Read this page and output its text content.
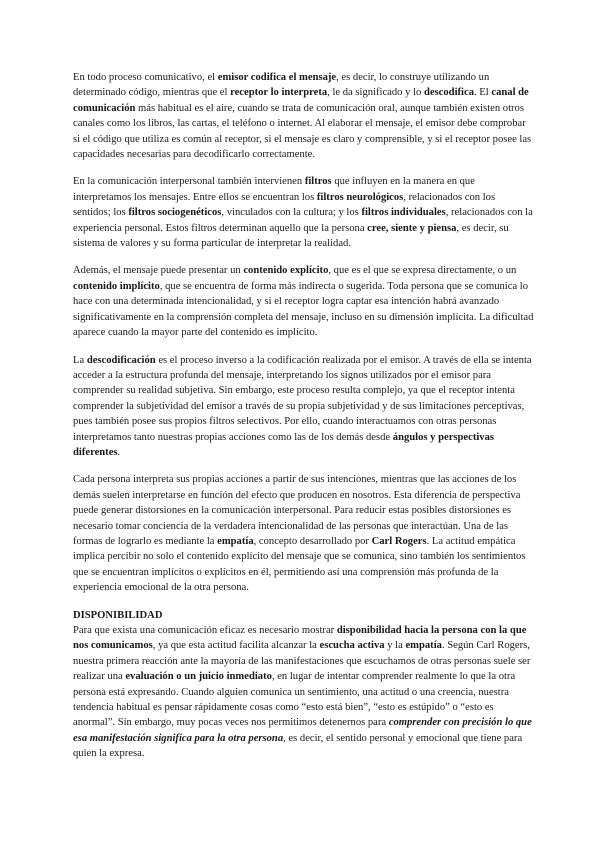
En todo proceso comunicativo, el emisor codifica el mensaje, es decir, lo construye utilizando un determinado código, mientras que el receptor lo interpreta, le da significado y lo descodifica. El canal de comunicación más habitual es el aire, cuando se trata de comunicación oral, aunque también existen otros canales como los libros, las cartas, el teléfono o internet. Al elaborar el mensaje, el emisor debe comprobar si el código que utiliza es común al receptor, si el mensaje es claro y comprensible, y si el receptor posee las capacidades necesarias para decodificarlo correctamente.

En la comunicación interpersonal también intervienen filtros que influyen en la manera en que interpretamos los mensajes. Entre ellos se encuentran los filtros neurológicos, relacionados con los sentidos; los filtros sociogenéticos, vinculados con la cultura; y los filtros individuales, relacionados con la experiencia personal. Estos filtros determinan aquello que la persona cree, siente y piensa, es decir, su sistema de valores y su forma particular de interpretar la realidad.

Además, el mensaje puede presentar un contenido explícito, que es el que se expresa directamente, o un contenido implícito, que se encuentra de forma más indirecta o sugerida. Toda persona que se comunica lo hace con una determinada intencionalidad, y si el receptor logra captar esa intención habrá avanzado significativamente en la comprensión completa del mensaje, incluso en su dimensión implícita. La dificultad aparece cuando la mayor parte del contenido es implícito.

La descodificación es el proceso inverso a la codificación realizada por el emisor. A través de ella se intenta acceder a la estructura profunda del mensaje, interpretando los signos utilizados por el emisor para comprender su realidad subjetiva. Sin embargo, este proceso resulta complejo, ya que el receptor intenta comprender la subjetividad del emisor a través de su propia subjetividad y de sus limitaciones perceptivas, pues también posee sus propios filtros selectivos. Por ello, cuando interactuamos con otras personas interpretamos tanto nuestras propias acciones como las de los demás desde ángulos y perspectivas diferentes.

Cada persona interpreta sus propias acciones a partir de sus intenciones, mientras que las acciones de los demás suelen interpretarse en función del efecto que producen en nosotros. Esta diferencia de perspectiva puede generar distorsiones en la comunicación interpersonal. Para reducir estas posibles distorsiones es necesario tomar conciencia de la verdadera intencionalidad de las personas que interactúan. Una de las formas de lograrlo es mediante la empatía, concepto desarrollado por Carl Rogers. La actitud empática implica percibir no solo el contenido explícito del mensaje que se comunica, sino también los sentimientos que se encuentran implícitos o explícitos en él, permitiendo así una comprensión más profunda de la experiencia emocional de la otra persona.

DISPONIBILIDAD

Para que exista una comunicación eficaz es necesario mostrar disponibilidad hacia la persona con la que nos comunicamos, ya que esta actitud facilita alcanzar la escucha activa y la empatía. Según Carl Rogers, nuestra primera reacción ante la mayoría de las manifestaciones que escuchamos de otras personas suele ser realizar una evaluación o un juicio inmediato, en lugar de intentar comprender realmente lo que la otra persona está expresando. Cuando alguien comunica un sentimiento, una actitud o una creencia, nuestra tendencia habitual es pensar rápidamente cosas como “esto está bien”, “esto es estúpido” o “esto es anormal”. Sin embargo, muy pocas veces nos permitimos detenernos para comprender con precisión lo que esa manifestación significa para la otra persona, es decir, el sentido personal y emocional que tiene para quien la expresa.
